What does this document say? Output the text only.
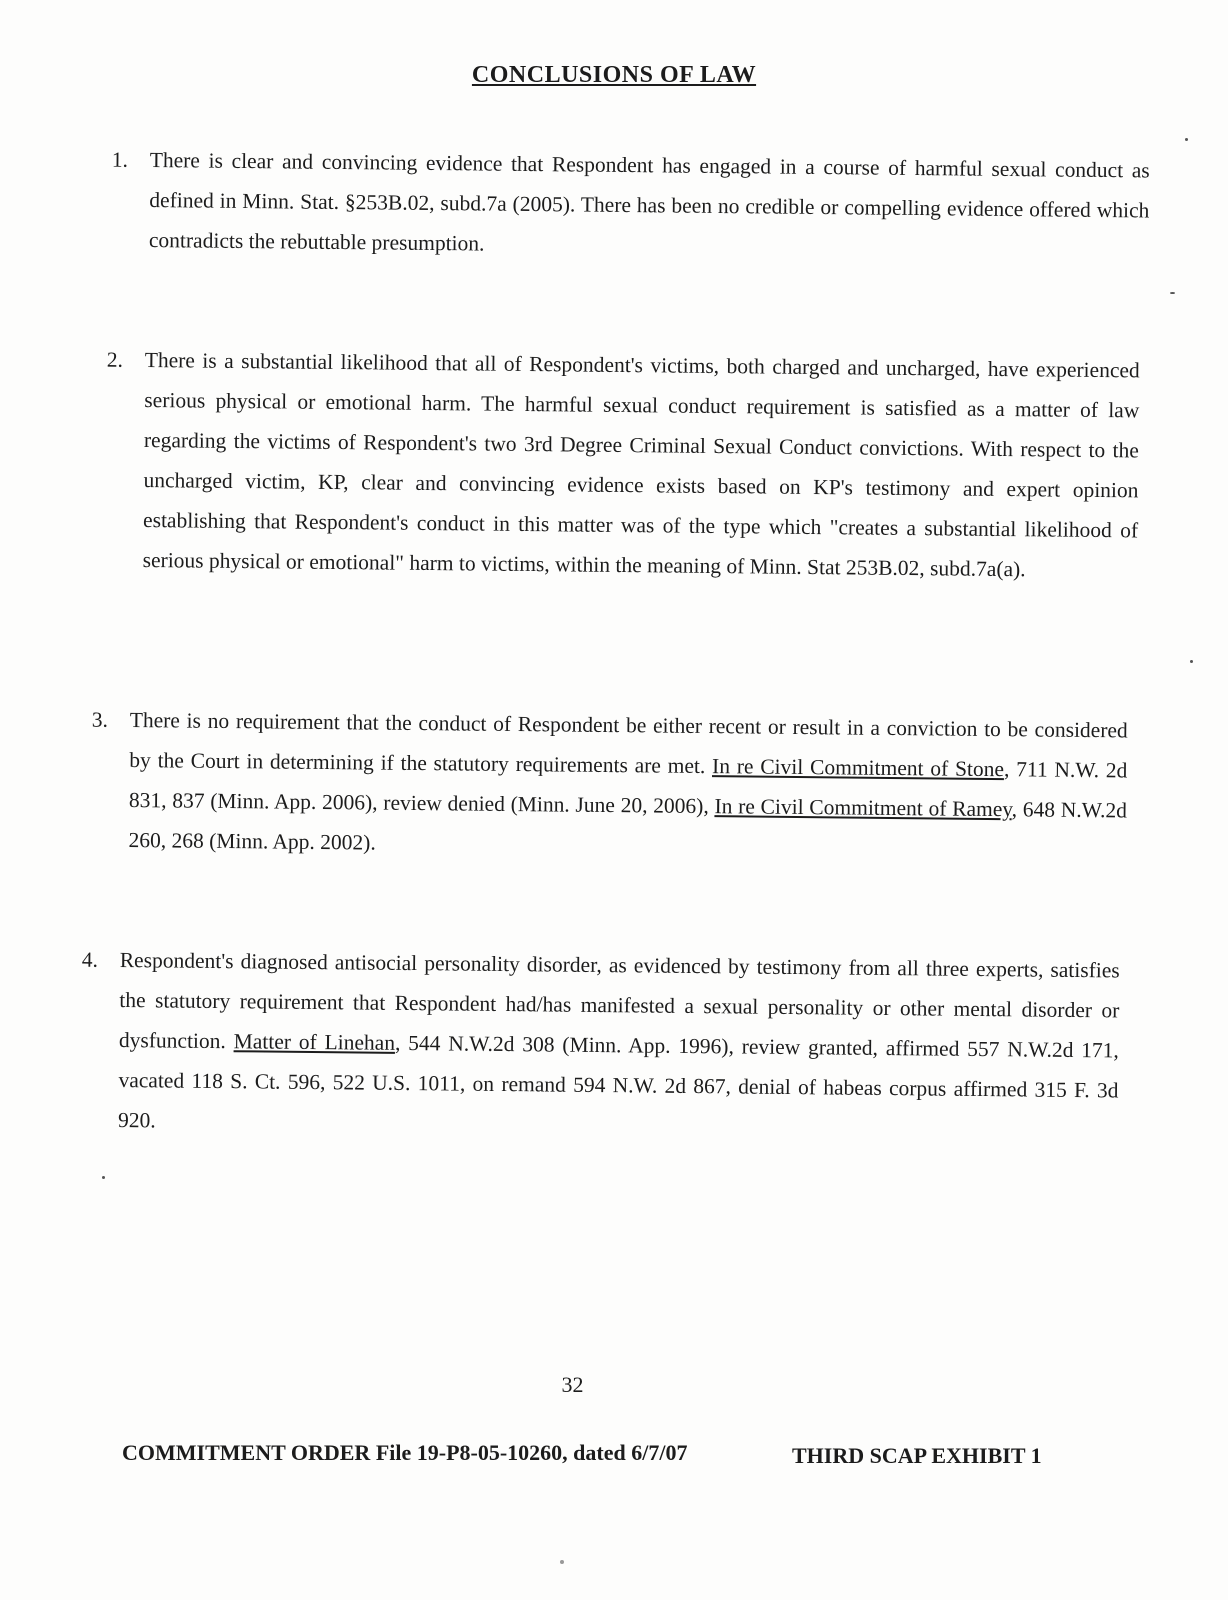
CONCLUSIONS OF LAW
1. There is clear and convincing evidence that Respondent has engaged in a course of harmful sexual conduct as defined in Minn. Stat. §253B.02, subd.7a (2005). There has been no credible or compelling evidence offered which contradicts the rebuttable presumption.
2. There is a substantial likelihood that all of Respondent's victims, both charged and uncharged, have experienced serious physical or emotional harm. The harmful sexual conduct requirement is satisfied as a matter of law regarding the victims of Respondent's two 3rd Degree Criminal Sexual Conduct convictions. With respect to the uncharged victim, KP, clear and convincing evidence exists based on KP's testimony and expert opinion establishing that Respondent's conduct in this matter was of the type which "creates a substantial likelihood of serious physical or emotional" harm to victims, within the meaning of Minn. Stat 253B.02, subd.7a(a).
3. There is no requirement that the conduct of Respondent be either recent or result in a conviction to be considered by the Court in determining if the statutory requirements are met. In re Civil Commitment of Stone, 711 N.W. 2d 831, 837 (Minn. App. 2006), review denied (Minn. June 20, 2006), In re Civil Commitment of Ramey, 648 N.W.2d 260, 268 (Minn. App. 2002).
4. Respondent's diagnosed antisocial personality disorder, as evidenced by testimony from all three experts, satisfies the statutory requirement that Respondent had/has manifested a sexual personality or other mental disorder or dysfunction. Matter of Linehan, 544 N.W.2d 308 (Minn. App. 1996), review granted, affirmed 557 N.W.2d 171, vacated 118 S. Ct. 596, 522 U.S. 1011, on remand 594 N.W. 2d 867, denial of habeas corpus affirmed 315 F. 3d 920.
32
COMMITMENT ORDER File 19-P8-05-10260, dated 6/7/07	THIRD SCAP EXHIBIT 1
